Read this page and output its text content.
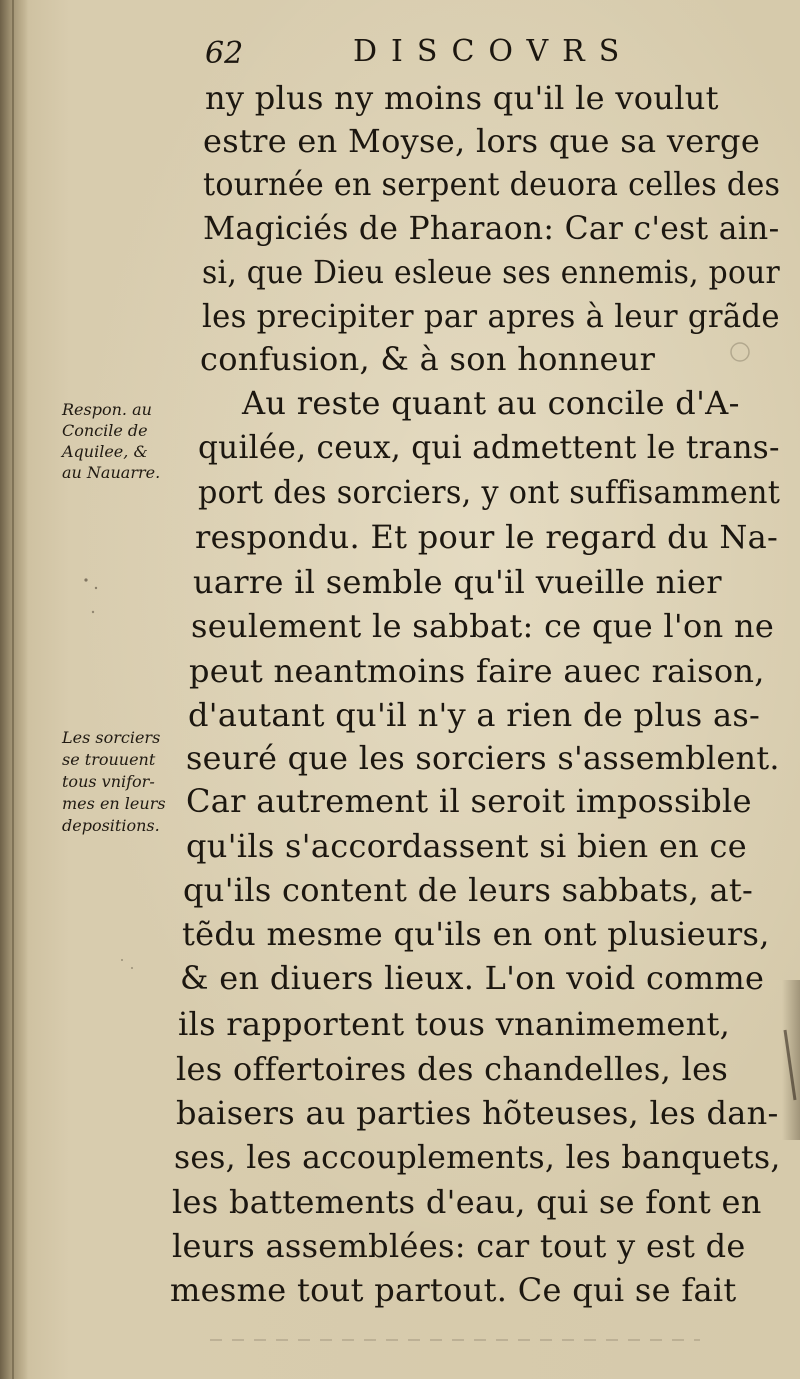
62	DISCOVRS
ny plus ny moins qu'il le voulut
estre en Moyse, lors que sa verge
tournée en serpent deuora celles des
Magiciés de Pharaon: Car c'est ain-
si, que Dieu esleue ses ennemis, pour
les precipiter par apres à leur grãde
confusion, & à son honneur
Au reste quant au concile d'A-
quilée, ceux, qui admettent le trans-
port des sorciers, y ont suffisamment
respondu. Et pour le regard du Na-
uarre il semble qu'il vueille nier
seulement le sabbat: ce que l'on ne
peut neantmoins faire auec raison,
d'autant qu'il n'y a rien de plus as-
seuré que les sorciers s'assemblent.
Car autrement il seroit impossible
qu'ils s'accordassent si bien en ce
qu'ils content de leurs sabbats, at-
tẽdu mesme qu'ils en ont plusieurs,
& en diuers lieux. L'on void comme
ils rapportent tous vnanimement,
les offertoires des chandelles, les
baisers au parties hõteuses, les dan-
ses, les accouplements, les banquets,
les battements d'eau, qui se font en
leurs assemblées: car tout y est de
mesme tout partout. Ce qui se fait
Respon. au
Concile de
Aquilee, &
au Nauarre.
Les sorciers
se trouuent
tous vnifor-
mes en leurs
depositions.
